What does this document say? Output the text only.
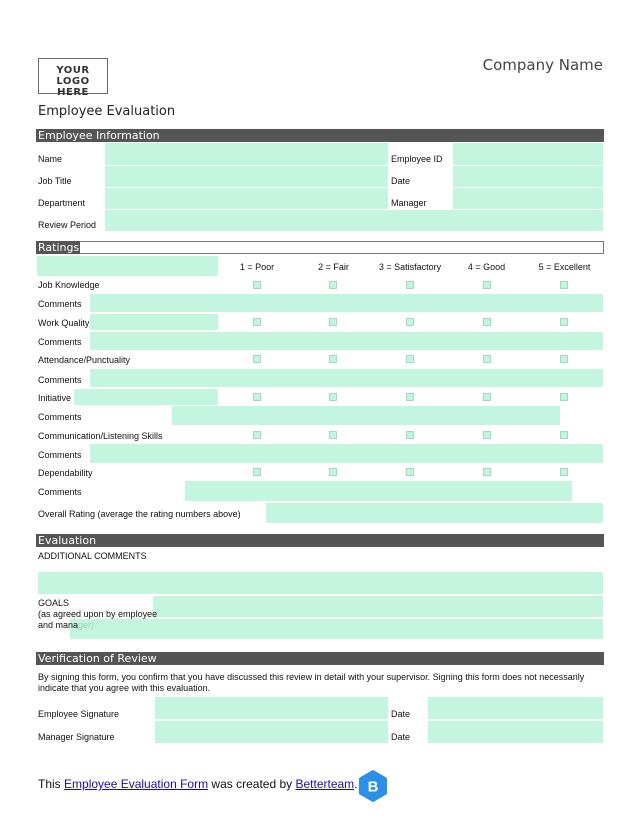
YOUR LOGO
HERE
Company Name
Employee Evaluation
Employee Information
Name	Employee ID
Job Title	Date
Department	Manager
Review Period
Ratings
1 = Poor	2 = Fair	3 = Satisfactory	4 = Good	5 = Excellent
Job Knowledge
Comments
Work Quality
Comments
Attendance/Punctuality
Comments
Initiative
Comments
Communication/Listening Skills
Comments
Dependability
Comments
Overall Rating (average the rating numbers above)
Evaluation
ADDITIONAL COMMENTS
GOALS
(as agreed upon by employee
and manager)
Verification of Review
By signing this form, you confirm that you have discussed this review in detail with your supervisor. Signing this form does not necessarily indicate that you agree with this evaluation.
Employee Signature	Date
Manager Signature	Date
This Employee Evaluation Form was created by Betterteam. B
